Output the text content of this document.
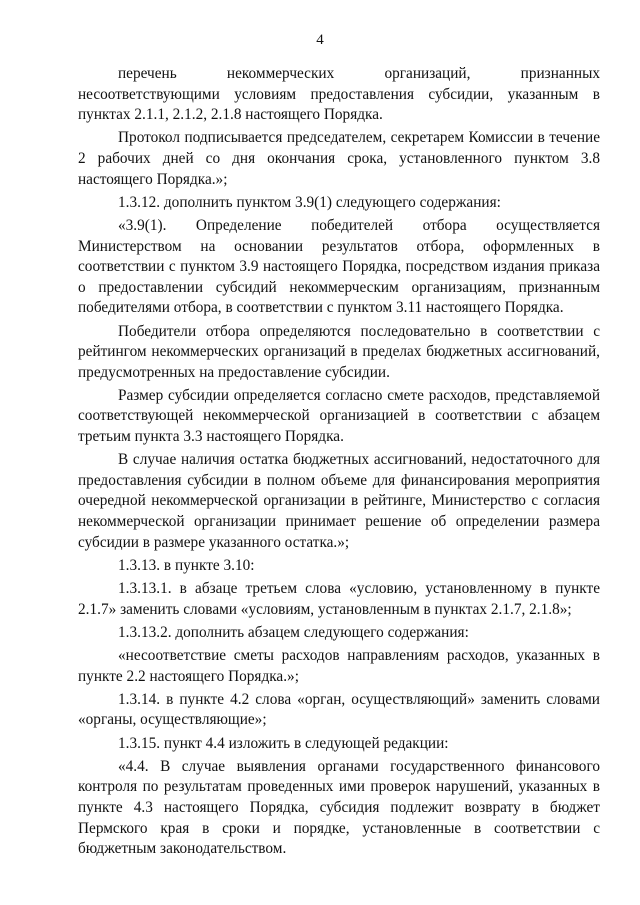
4

перечень некоммерческих организаций, признанных несоответствующими условиям предоставления субсидии, указанным в пунктах 2.1.1, 2.1.2, 2.1.8 настоящего Порядка.

Протокол подписывается председателем, секретарем Комиссии в течение 2 рабочих дней со дня окончания срока, установленного пунктом 3.8 настоящего Порядка.»;

1.3.12. дополнить пунктом 3.9(1) следующего содержания:

«3.9(1). Определение победителей отбора осуществляется Министерством на основании результатов отбора, оформленных в соответствии с пунктом 3.9 настоящего Порядка, посредством издания приказа о предоставлении субсидий некоммерческим организациям, признанным победителями отбора, в соответствии с пунктом 3.11 настоящего Порядка.

Победители отбора определяются последовательно в соответствии с рейтингом некоммерческих организаций в пределах бюджетных ассигнований, предусмотренных на предоставление субсидии.

Размер субсидии определяется согласно смете расходов, представляемой соответствующей некоммерческой организацией в соответствии с абзацем третьим пункта 3.3 настоящего Порядка.

В случае наличия остатка бюджетных ассигнований, недостаточного для предоставления субсидии в полном объеме для финансирования мероприятия очередной некоммерческой организации в рейтинге, Министерство с согласия некоммерческой организации принимает решение об определении размера субсидии в размере указанного остатка.»;

1.3.13. в пункте 3.10:

1.3.13.1. в абзаце третьем слова «условию, установленному в пункте 2.1.7» заменить словами «условиям, установленным в пунктах 2.1.7, 2.1.8»;

1.3.13.2. дополнить абзацем следующего содержания:

«несоответствие сметы расходов направлениям расходов, указанных в пункте 2.2 настоящего Порядка.»;

1.3.14. в пункте 4.2 слова «орган, осуществляющий» заменить словами «органы, осуществляющие»;

1.3.15. пункт 4.4 изложить в следующей редакции:

«4.4. В случае выявления органами государственного финансового контроля по результатам проведенных ими проверок нарушений, указанных в пункте 4.3 настоящего Порядка, субсидия подлежит возврату в бюджет Пермского края в сроки и порядке, установленные в соответствии с бюджетным законодательством.
